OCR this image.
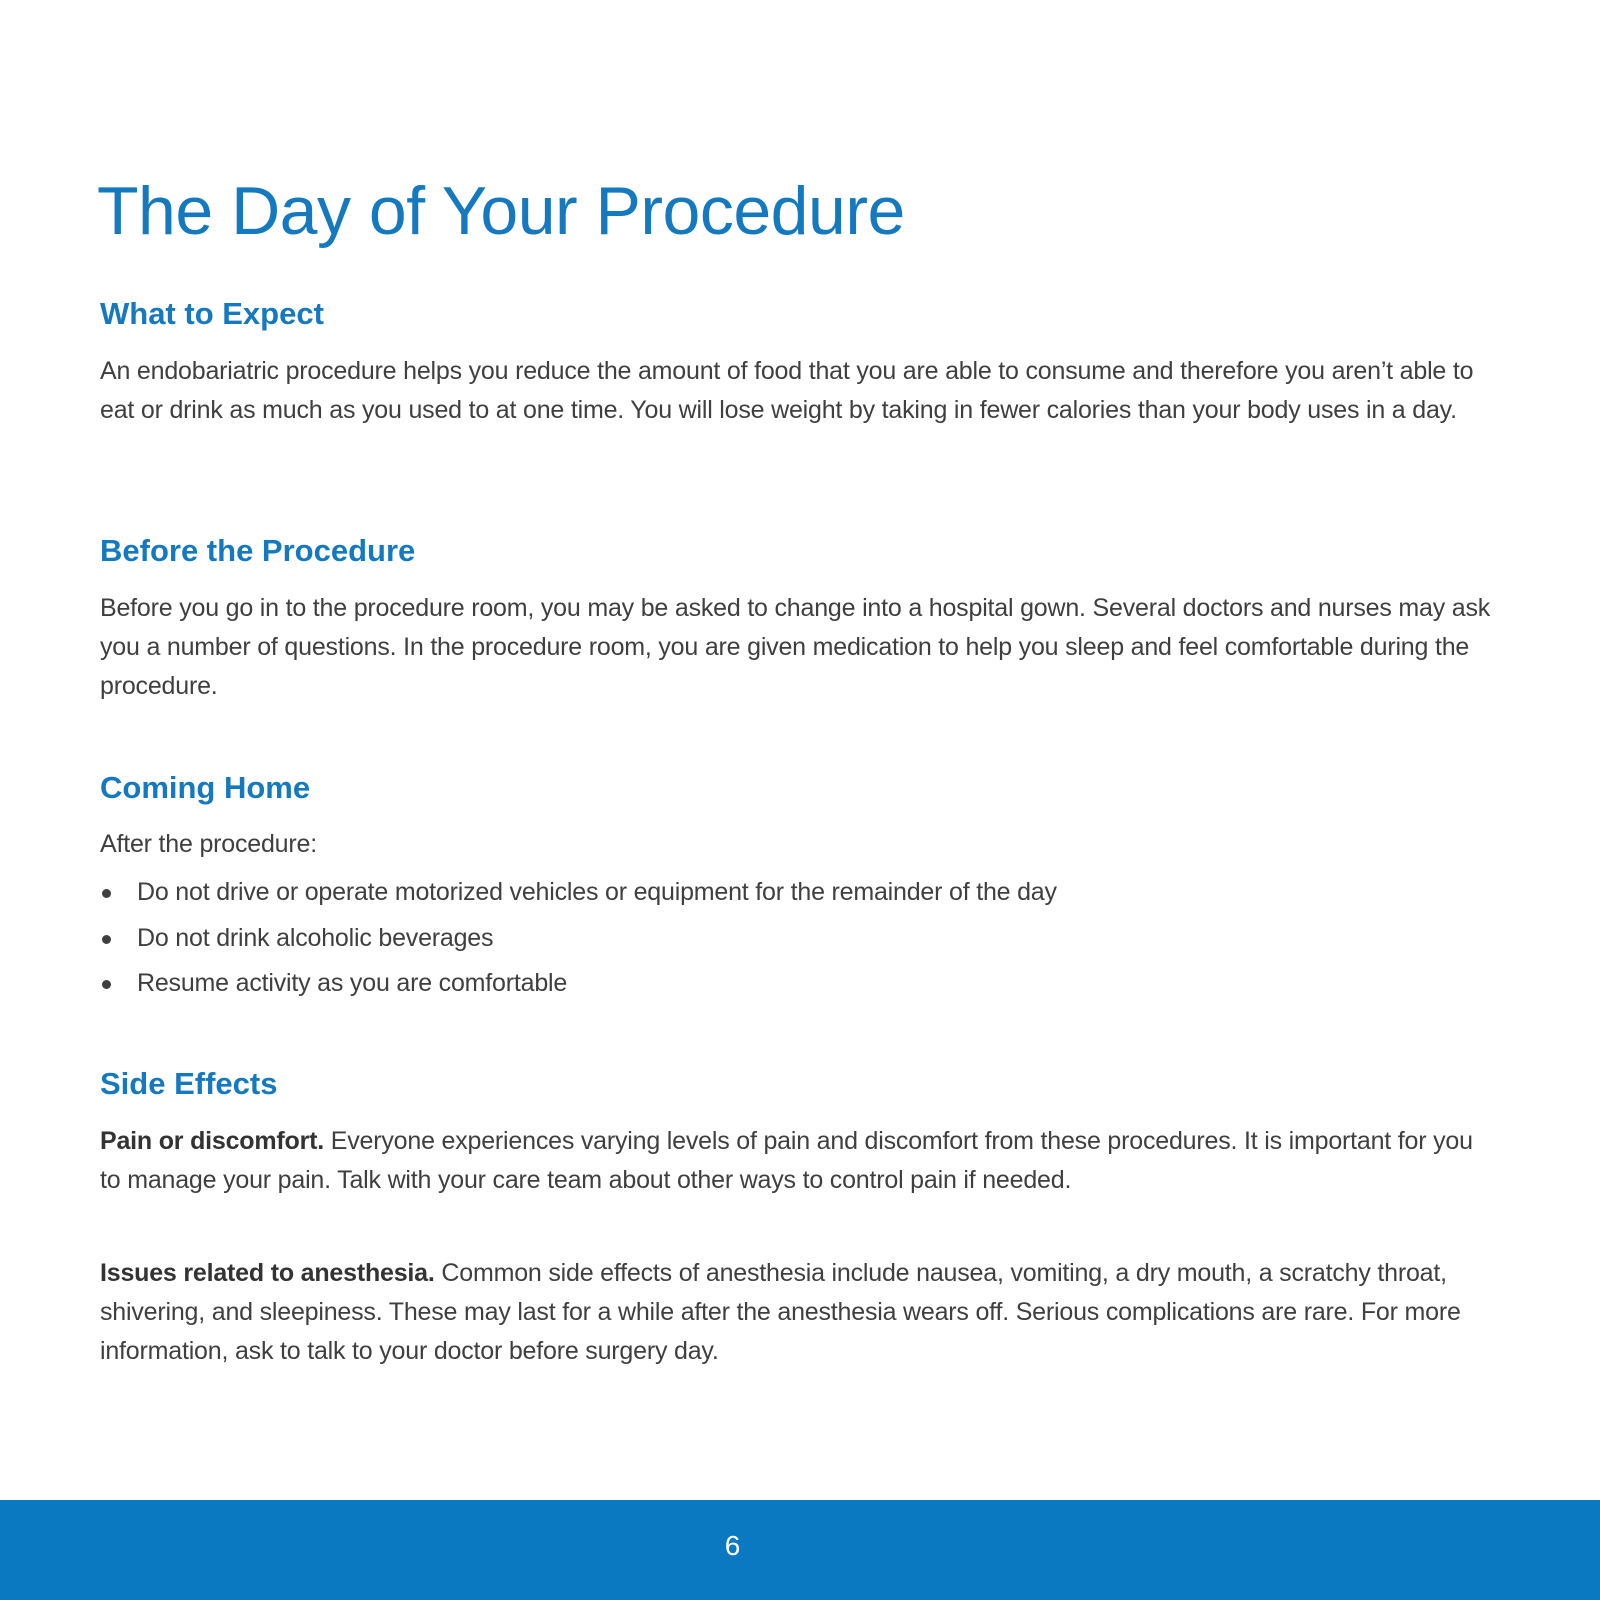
The Day of Your Procedure
What to Expect

An endobariatric procedure helps you reduce the amount of food that you are able to consume and therefore you aren’t able to eat or drink as much as you used to at one time. You will lose weight by taking in fewer calories than your body uses in a day.

Before the Procedure

Before you go in to the procedure room, you may be asked to change into a hospital gown. Several doctors and nurses may ask you a number of questions. In the procedure room, you are given medication to help you sleep and feel comfortable during the procedure.

Coming Home

After the procedure:

Do not drive or operate motorized vehicles or equipment for the remainder of the day
Do not drink alcoholic beverages
Resume activity as you are comfortable
Side Effects

Pain or discomfort. Everyone experiences varying levels of pain and discomfort from these procedures. It is important for you to manage your pain. Talk with your care team about other ways to control pain if needed.

Issues related to anesthesia. Common side effects of anesthesia include nausea, vomiting, a dry mouth, a scratchy throat, shivering, and sleepiness. These may last for a while after the anesthesia wears off. Serious complications are rare. For more information, ask to talk to your doctor before surgery day.

6
